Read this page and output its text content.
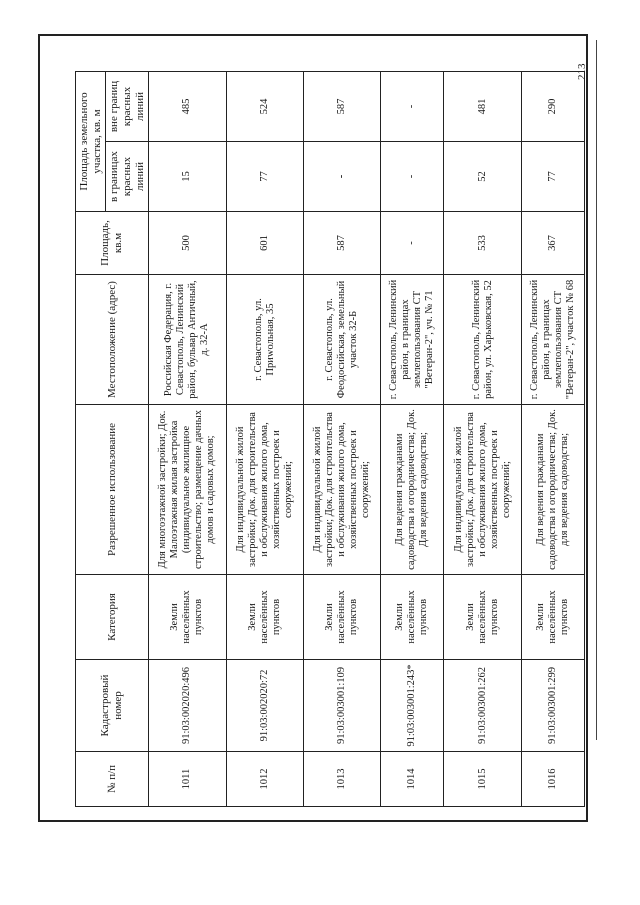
213
№ п/п	Кадастровый номер	Категория	Разрешенное использование	Местоположение (адрес)	Площадь, кв.м	Площадь земельного участка, кв. м	
						в границах красных линий	вне границ красных линий
1011	91:03:002020:496	Земли населённых пунктов	Для многоэтажной застройки; Док. Малоэтажная жилая застройка (индивидуальное жилищное строительство; размещение дачных домов и садовых домов;	Российская Федерация, г. Севастополь, Ленинский район, бульвар Античный, д. 32-А	500	15	485
1012	91:03:002020:72	Земли населённых пунктов	Для индивидуальной жилой застройки; Док. для строительства и обслуживания жилого дома, хозяйственных построек и сооружений;	г. Севастополь, ул. Приwольная, 35	601	77	524
1013	91:03:003001:109	Земли населённых пунктов	Для индивидуальной жилой застройки; Док. для строительства и обслуживания жилого дома, хозяйственных построек и сооружений;	г. Севастополь, ул. Феодосийская, земельный участок 32-Б	587	-	587
1014	91:03:003001:243*	Земли населённых пунктов	Для ведения гражданами садоводства и огородничества; Док. Для ведения садоводства;	г. Севастополь, Ленинский район, в границах землепользования СТ "Ветеран-2", уч. № 71	-	-	-
1015	91:03:003001:262	Земли населённых пунктов	Для индивидуальной жилой застройки; Док. для строительства и обслуживания жилого дома, хозяйственных построек и сооружений;	г. Севастополь, Ленинский район, ул. Харьковская, 52	533	52	481
1016	91:03:003001:299	Земли населённых пунктов	Для ведения гражданами садоводства и огородничества; Док. для ведения садоводства;	г. Севастополь, Ленинский район, в границах землепользования СТ "Ветеран-2", участок № 68	367	77	290
